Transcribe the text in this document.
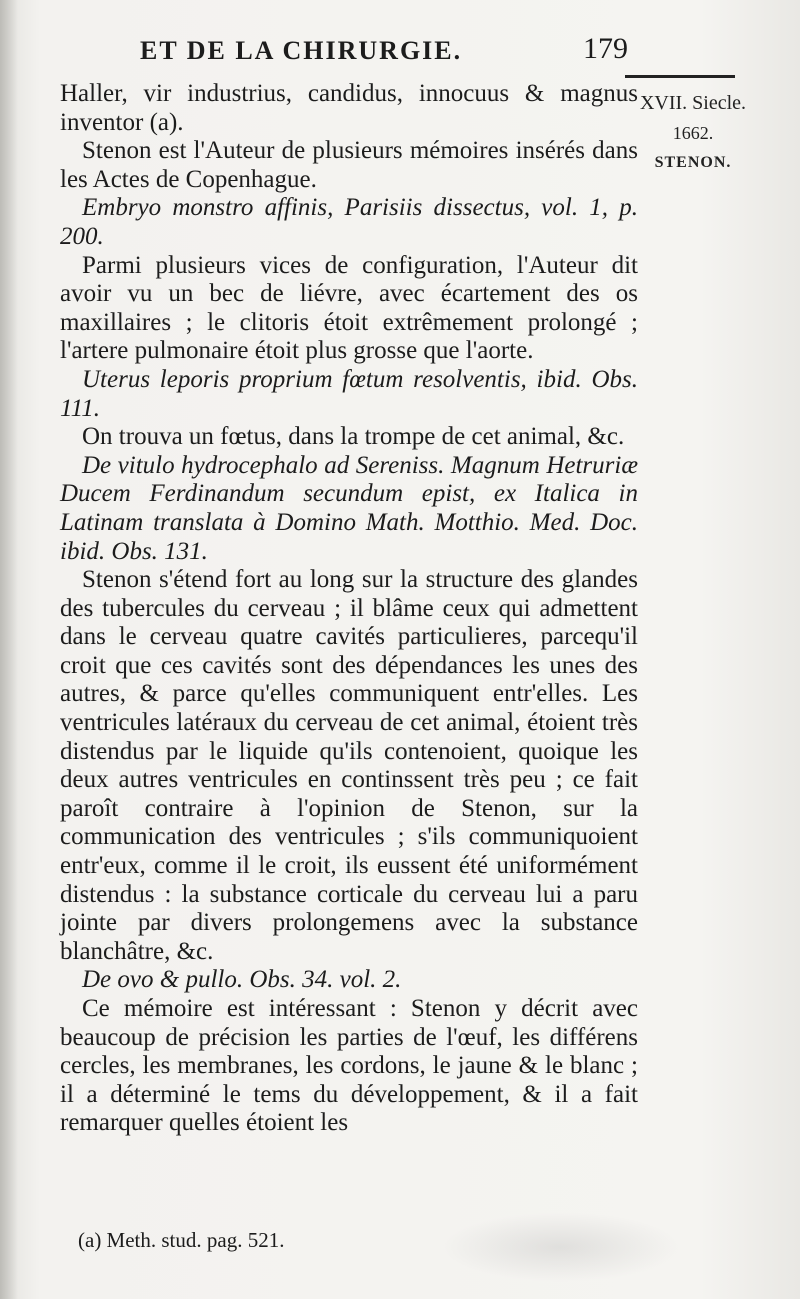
ET DE LA CHIRURGIE.	179
XVII. Siecle.
1662.
STENON.

Haller, vir industrius, candidus, innocuus & magnus inventor (a).

Stenon est l'Auteur de plusieurs mémoires insérés dans les Actes de Copenhague.

Embryo monstro affinis, Parisiis dissectus, vol. 1, p. 200.

Parmi plusieurs vices de configuration, l'Auteur dit avoir vu un bec de liévre, avec écartement des os maxillaires ; le clitoris étoit extrêmement prolongé ; l'artere pulmonaire étoit plus grosse que l'aorte.

Uterus leporis proprium fœtum resolventis, ibid. Obs. 111.

On trouva un fœtus, dans la trompe de cet animal, &c.

De vitulo hydrocephalo ad Sereniss. Magnum Hetruriæ Ducem Ferdinandum secundum epist, ex Italica in Latinam translata à Domino Math. Motthio. Med. Doc. ibid. Obs. 131.

Stenon s'étend fort au long sur la structure des glandes des tubercules du cerveau ; il blâme ceux qui admettent dans le cerveau quatre cavités particulieres, parcequ'il croit que ces cavités sont des dépendances les unes des autres, & parce qu'elles communiquent entr'elles. Les ventricules latéraux du cerveau de cet animal, étoient très distendus par le liquide qu'ils contenoient, quoique les deux autres ventricules en continssent très peu ; ce fait paroît contraire à l'opinion de Stenon, sur la communication des ventricules ; s'ils communiquoient entr'eux, comme il le croit, ils eussent été uniformément distendus : la substance corticale du cerveau lui a paru jointe par divers prolongemens avec la substance blanchâtre, &c.

De ovo & pullo. Obs. 34. vol. 2.

Ce mémoire est intéressant : Stenon y décrit avec beaucoup de précision les parties de l'œuf, les différens cercles, les membranes, les cordons, le jaune & le blanc ; il a déterminé le tems du développement, & il a fait remarquer quelles étoient les

(a) Meth. stud. pag. 521.
